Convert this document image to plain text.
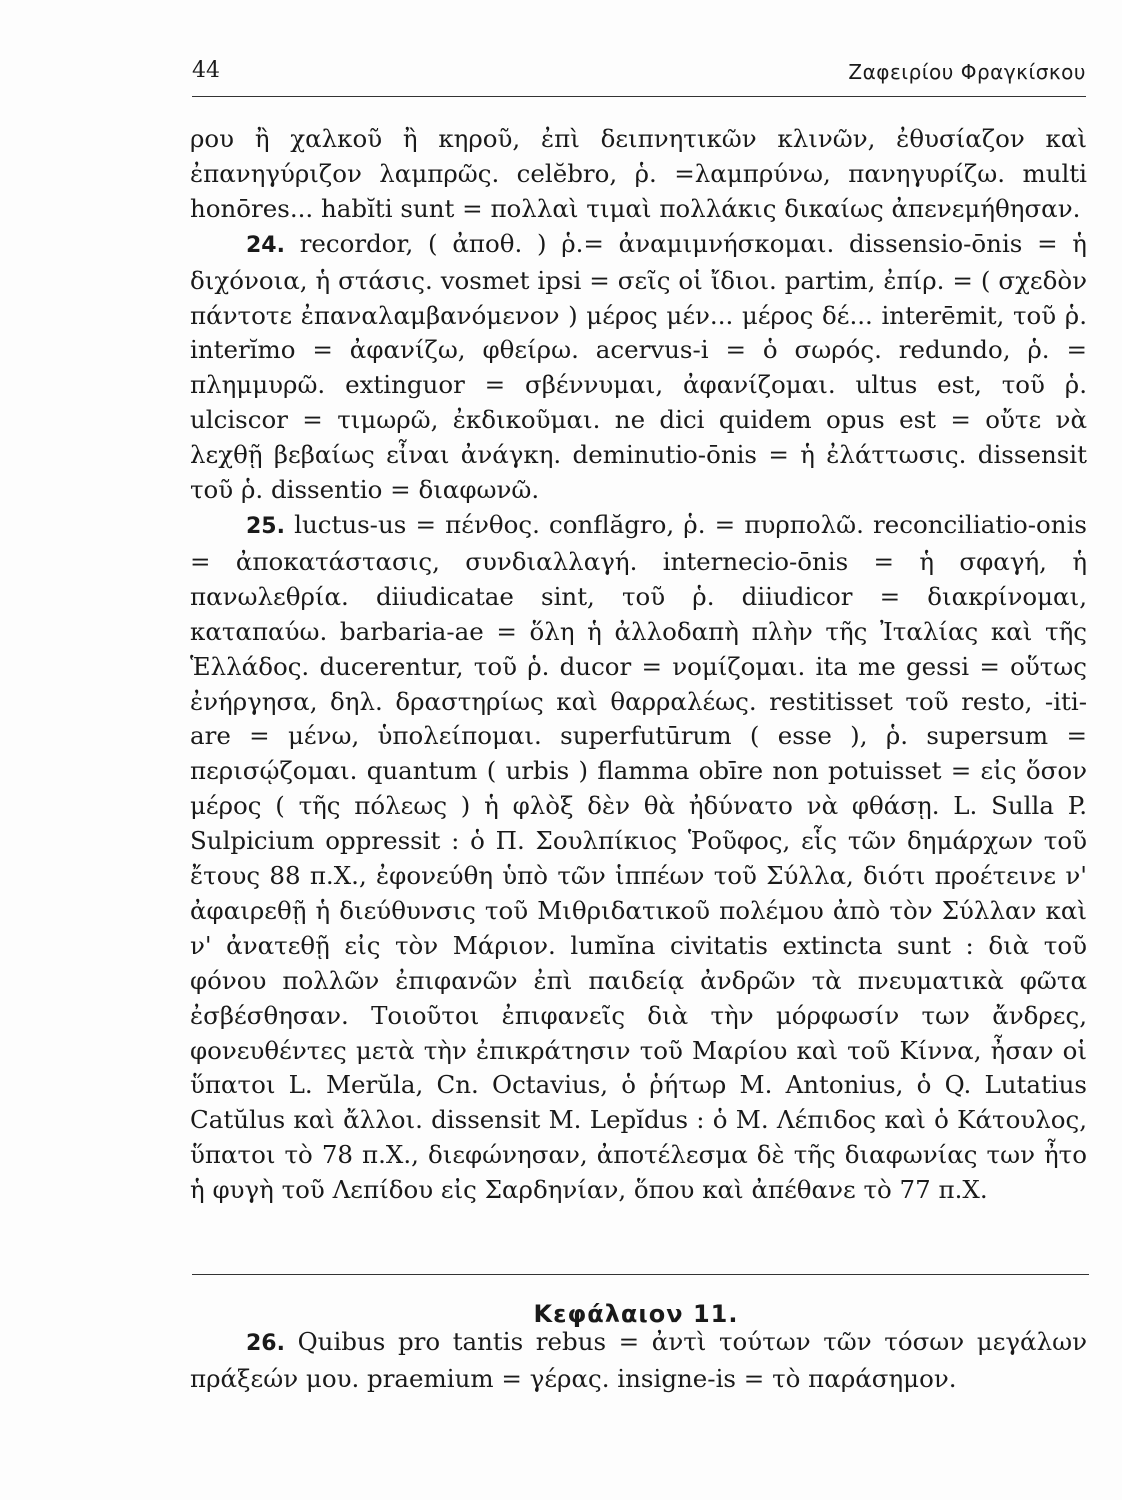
44	Ζαφειρίου Φραγκίσκου

ρου ἢ χαλκοῦ ἢ κηροῦ, ἐπὶ δειπνητικῶν κλινῶν, ἐθυσίαζον καὶ ἐπανηγύριζον λαμπρῶς. celĕbro, ῥ. =λαμπρύνω, πανηγυρίζω. multi honōres... habĭti sunt = πολλαὶ τιμαὶ πολλάκις δικαίως ἀπενεμήθησαν.

24. recordor, ( ἀποθ. ) ῥ.= ἀναμιμνήσκομαι. dissensio-ōnis = ἡ διχόνοια, ἡ στάσις. vosmet ipsi = σεῖς οἱ ἴδιοι. partim, ἐπίρ. = ( σχεδὸν πάντοτε ἐπαναλαμβανόμενον ) μέρος μέν... μέρος δέ... interēmit, τοῦ ῥ. interĭmo = ἀφανίζω, φθείρω. acervus-i = ὁ σωρός. redundo, ῥ. = πλημμυρῶ. extinguor = σβέννυμαι, ἀφανίζομαι. ultus est, τοῦ ῥ. ulciscor = τιμωρῶ, ἐκδικοῦμαι. ne dici quidem opus est = οὔτε νὰ λεχθῇ βεβαίως εἶναι ἀνάγκη. deminutio-ōnis = ἡ ἐλάττωσις. dissensit τοῦ ῥ. dissentio = διαφωνῶ.

25. luctus-us = πένθος. conflăgro, ῥ. = πυρπολῶ. reconciliatio-onis = ἀποκατάστασις, συνδιαλλαγή. internecio-ōnis = ἡ σφαγή, ἡ πανωλεθρία. diiudicatae sint, τοῦ ῥ. diiudicor = διακρίνομαι, καταπαύω. barbaria-ae = ὅλη ἡ ἀλλοδαπὴ πλὴν τῆς Ἰταλίας καὶ τῆς Ἑλλάδος. ducerentur, τοῦ ῥ. ducor = νομίζομαι. ita me gessi = οὕτως ἐνήργησα, δηλ. δραστηρίως καὶ θαρραλέως. restitisset τοῦ resto, -iti-are = μένω, ὑπολείπομαι. superfutūrum ( esse ), ῥ. supersum = περισῴζομαι. quantum ( urbis ) flamma obīre non potuisset = εἰς ὅσον μέρος ( τῆς πόλεως ) ἡ φλὸξ δὲν θὰ ἠδύνατο νὰ φθάσῃ. L. Sulla P. Sulpicium oppressit : ὁ Π. Σουλπίκιος Ῥοῦφος, εἷς τῶν δημάρχων τοῦ ἔτους 88 π.Χ., ἐφονεύθη ὑπὸ τῶν ἱππέων τοῦ Σύλλα, διότι προέτεινε ν' ἀφαιρεθῇ ἡ διεύθυνσις τοῦ Μιθριδατικοῦ πολέμου ἀπὸ τὸν Σύλλαν καὶ ν' ἀνατεθῇ εἰς τὸν Μάριον. lumĭna civitatis extincta sunt : διὰ τοῦ φόνου πολλῶν ἐπιφανῶν ἐπὶ παιδείᾳ ἀνδρῶν τὰ πνευματικὰ φῶτα ἐσβέσθησαν. Τοιοῦτοι ἐπιφανεῖς διὰ τὴν μόρφωσίν των ἄνδρες, φονευθέντες μετὰ τὴν ἐπικράτησιν τοῦ Μαρίου καὶ τοῦ Κίννα, ἦσαν οἱ ὕπατοι L. Merŭla, Cn. Octavius, ὁ ῥήτωρ M. Antonius, ὁ Q. Lutatius Catŭlus καὶ ἄλλοι. dissensit M. Lepĭdus : ὁ M. Λέπιδος καὶ ὁ Κάτουλος, ὕπατοι τὸ 78 π.Χ., διεφώνησαν, ἀποτέλεσμα δὲ τῆς διαφωνίας των ἦτο ἡ φυγὴ τοῦ Λεπίδου εἰς Σαρδηνίαν, ὅπου καὶ ἀπέθανε τὸ 77 π.Χ.

Κεφάλαιον 11.

26. Quibus pro tantis rebus = ἀντὶ τούτων τῶν τόσων μεγάλων πράξεών μου. praemium = γέρας. insigne-is = τὸ παράσημον.
